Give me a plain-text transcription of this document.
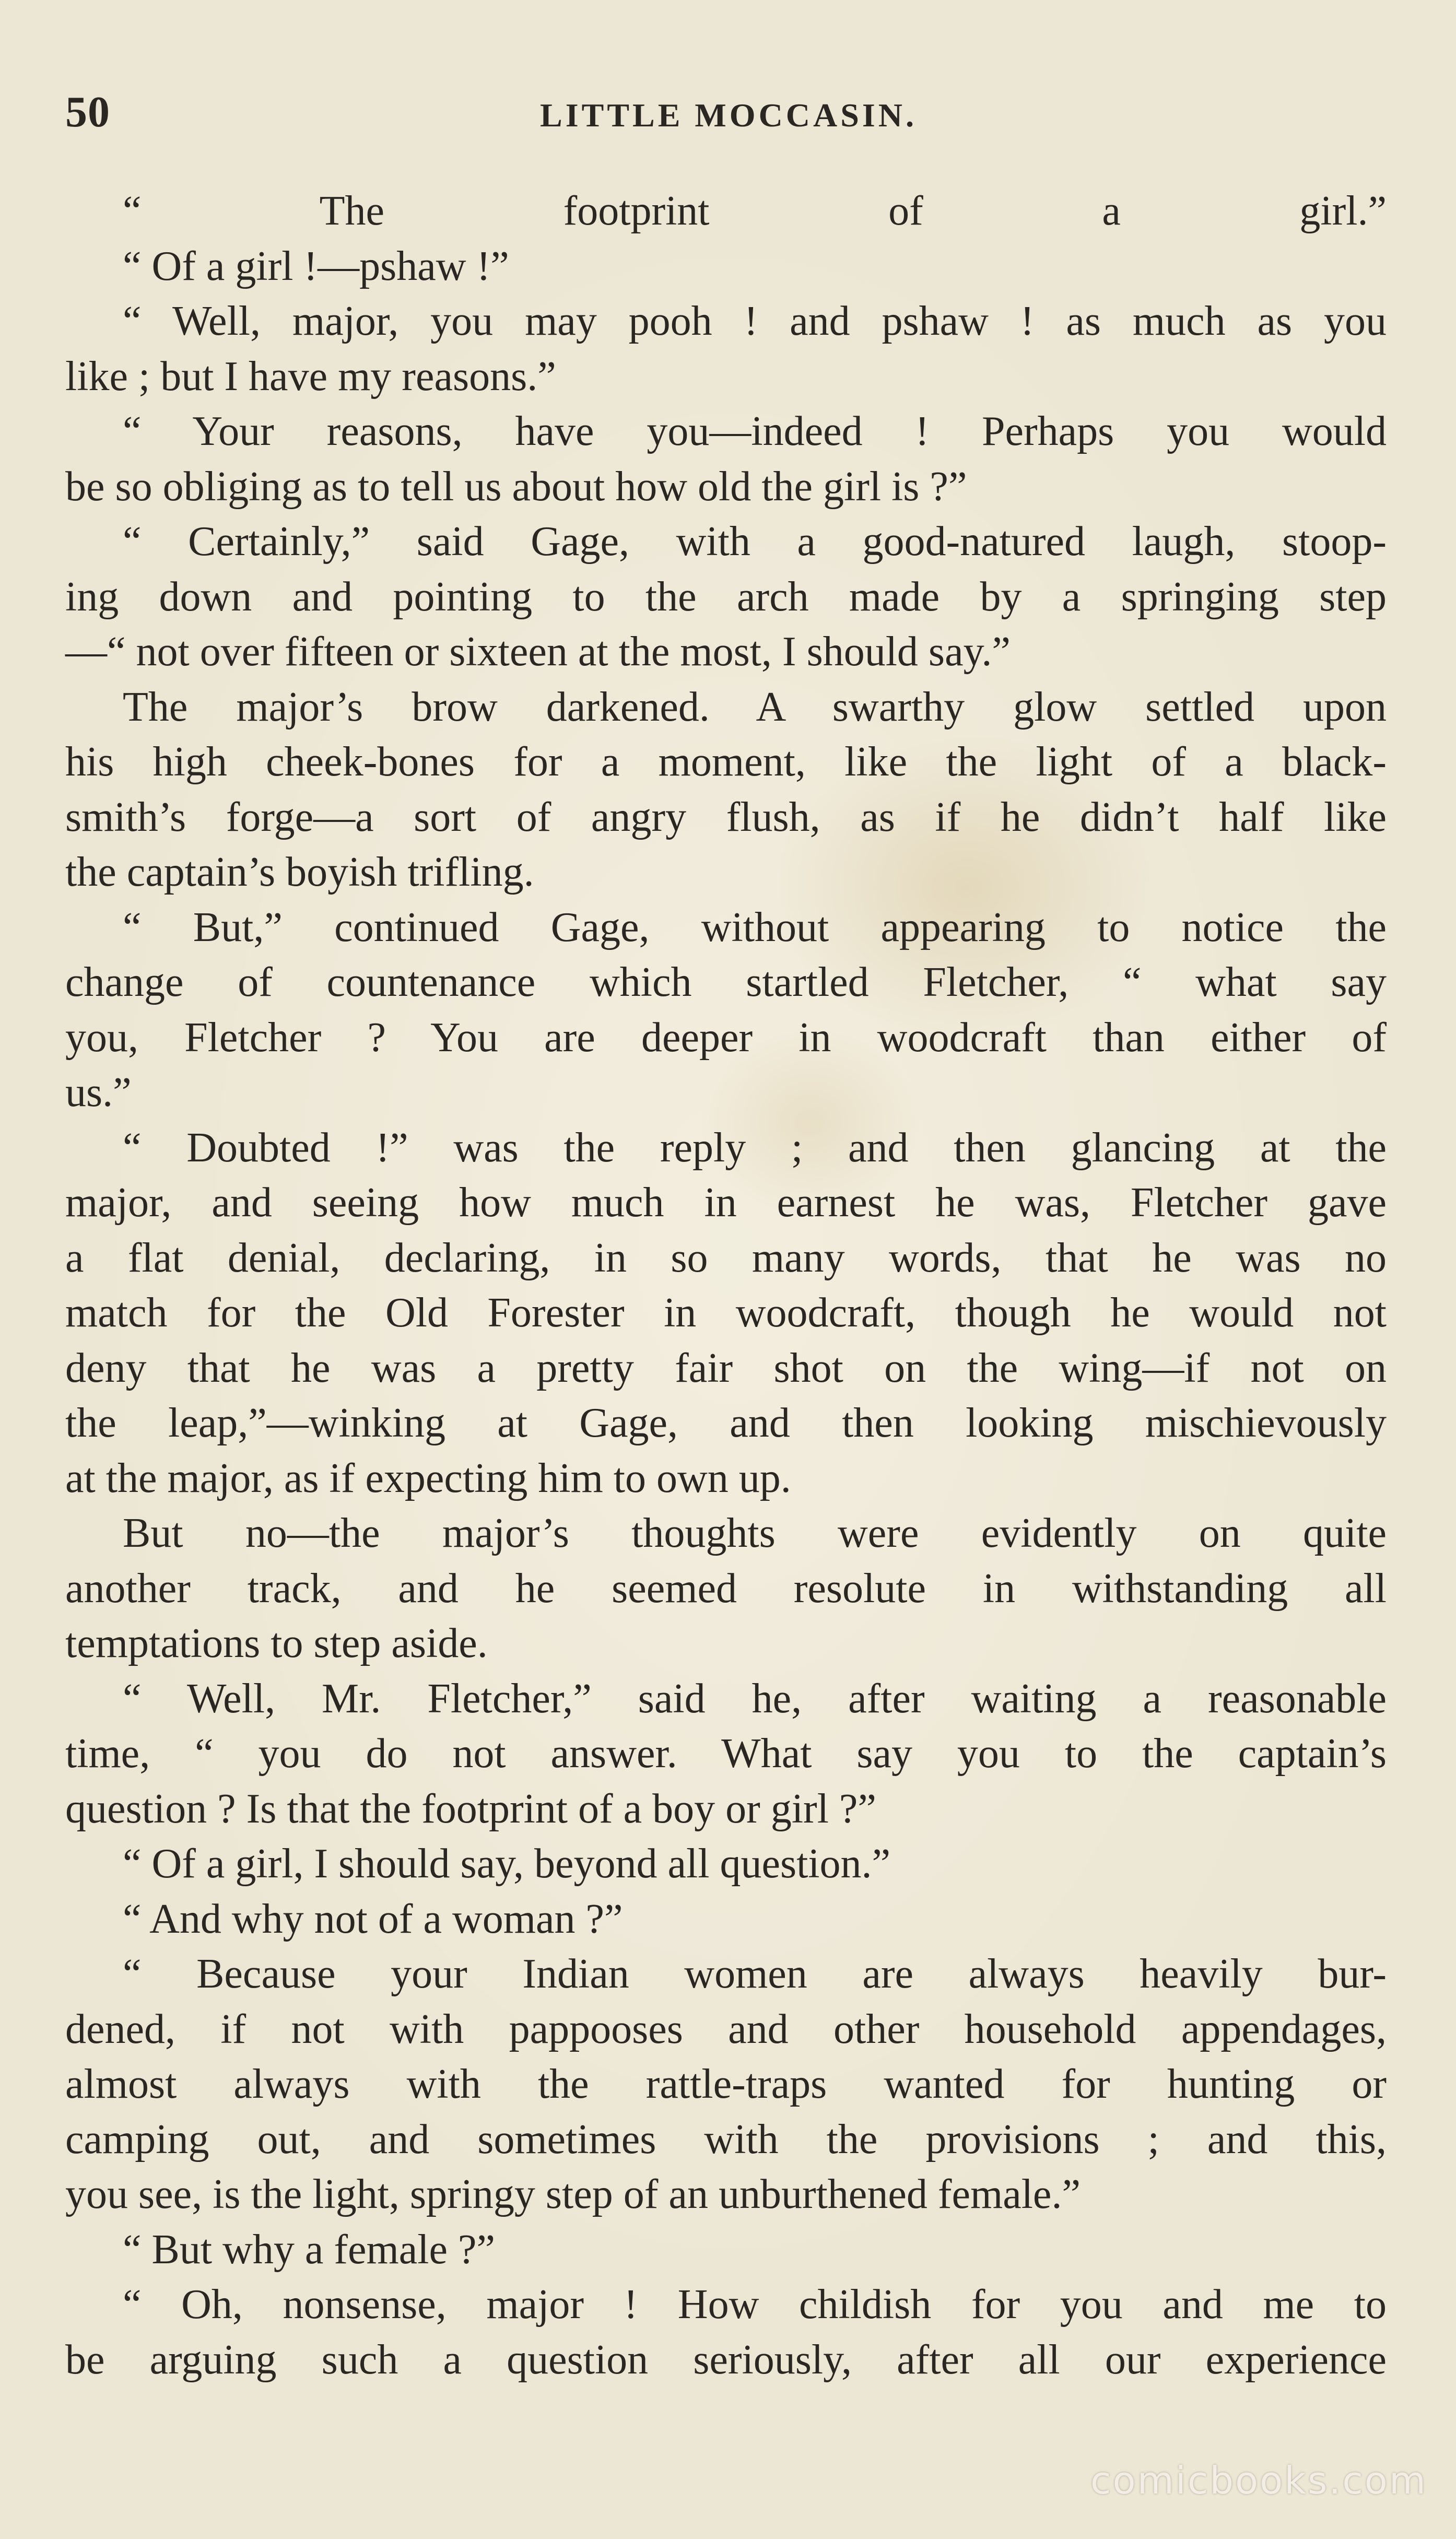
50	LITTLE MOCCASIN.
“ The footprint of a girl.”
“ Of a girl !—pshaw !”
“ Well, major, you may pooh ! and pshaw ! as much as you
like ; but I have my reasons.”
“ Your reasons, have you—indeed ! Perhaps you would
be so obliging as to tell us about how old the girl is ?”
“ Certainly,” said Gage, with a good-natured laugh, stoop-
ing down and pointing to the arch made by a springing step
—“ not over fifteen or sixteen at the most, I should say.”
The major’s brow darkened. A swarthy glow settled upon
his high cheek-bones for a moment, like the light of a black-
smith’s forge—a sort of angry flush, as if he didn’t half like
the captain’s boyish trifling.
“ But,” continued Gage, without appearing to notice the
change of countenance which startled Fletcher, “ what say
you, Fletcher ? You are deeper in woodcraft than either of
us.”
“ Doubted !” was the reply ; and then glancing at the
major, and seeing how much in earnest he was, Fletcher gave
a flat denial, declaring, in so many words, that he was no
match for the Old Forester in woodcraft, though he would not
deny that he was a pretty fair shot on the wing—if not on
the leap,”—winking at Gage, and then looking mischievously
at the major, as if expecting him to own up.
But no—the major’s thoughts were evidently on quite
another track, and he seemed resolute in withstanding all
temptations to step aside.
“ Well, Mr. Fletcher,” said he, after waiting a reasonable
time, “ you do not answer. What say you to the captain’s
question ? Is that the footprint of a boy or girl ?”
“ Of a girl, I should say, beyond all question.”
“ And why not of a woman ?”
“ Because your Indian women are always heavily bur-
dened, if not with pappooses and other household appendages,
almost always with the rattle-traps wanted for hunting or
camping out, and sometimes with the provisions ; and this,
you see, is the light, springy step of an unburthened female.”
“ But why a female ?”
“ Oh, nonsense, major ! How childish for you and me to
be arguing such a question seriously, after all our experience
comicbooks.com
